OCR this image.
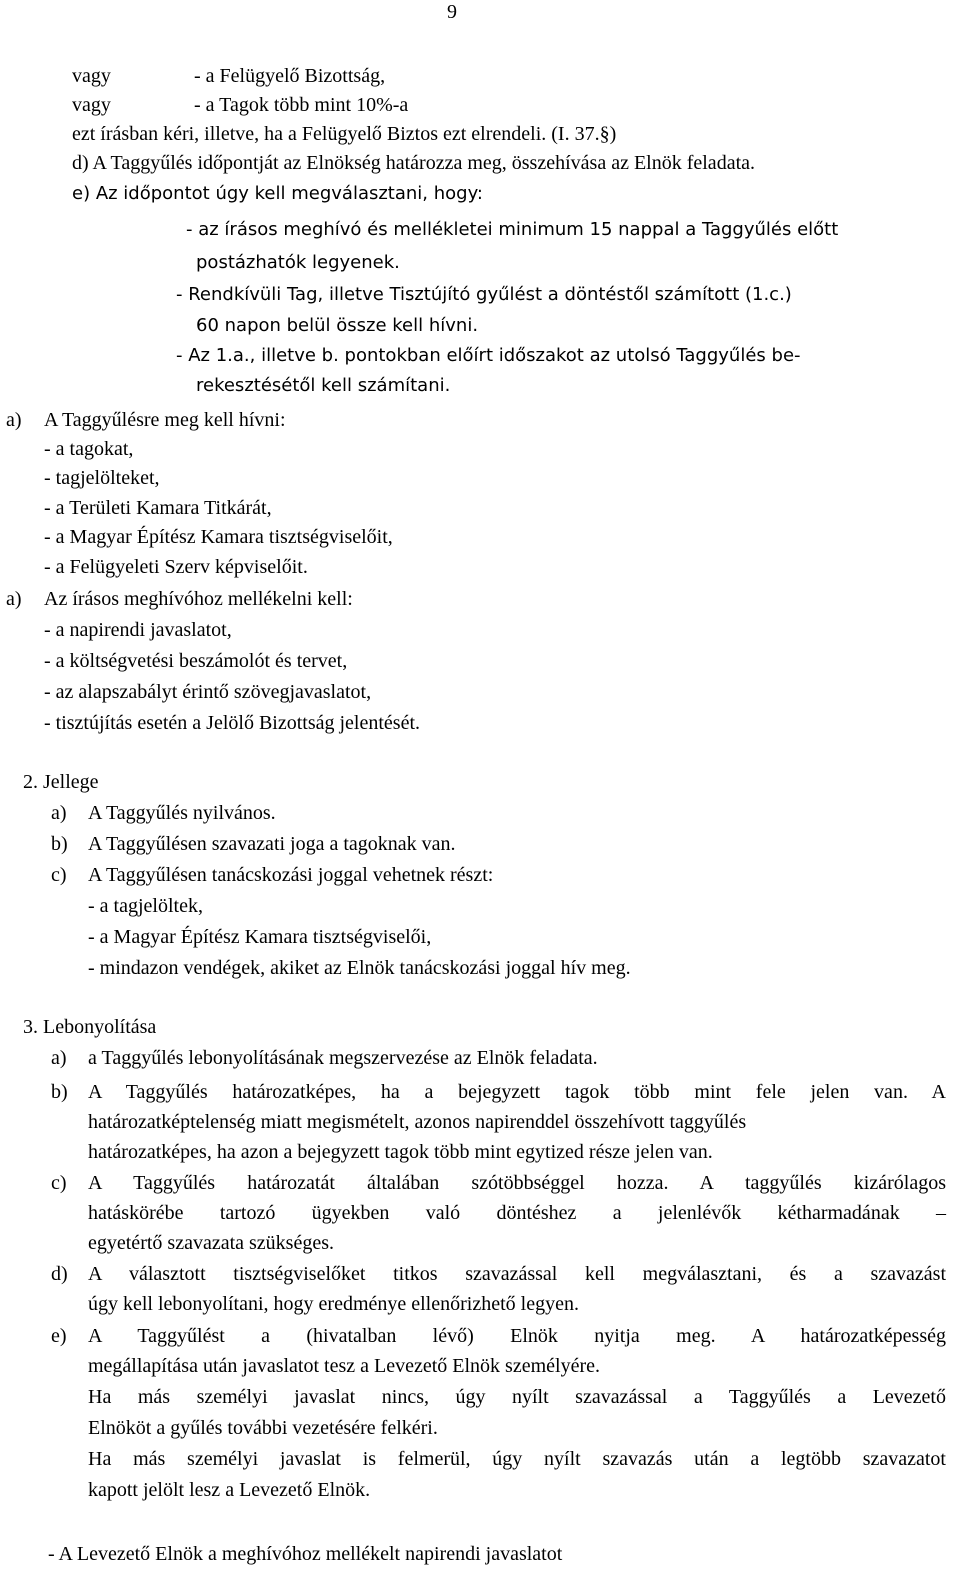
9
vagy	- a Felügyelő Bizottság,
vagy	- a Tagok több mint 10%-a
ezt írásban kéri, illetve, ha a Felügyelő Biztos ezt elrendeli. (I. 37.§)
d) A Taggyűlés időpontját az Elnökség határozza meg, összehívása az Elnök feladata.
e) Az időpontot úgy kell megválasztani, hogy:
- az írásos meghívó és mellékletei minimum 15 nappal a Taggyűlés előtt
postázhatók legyenek.
- Rendkívüli Tag, illetve Tisztújító gyűlést a döntéstől számított (1.c.)
60 napon belül össze kell hívni.
- Az 1.a., illetve b. pontokban előírt időszakot az utolsó Taggyűlés be-
rekesztésétől kell számítani.
a) A Taggyűlésre meg kell hívni:
- a tagokat,
- tagjelölteket,
- a Területi Kamara Titkárát,
- a Magyar Építész Kamara tisztségviselőit,
- a Felügyeleti Szerv képviselőit.
a) Az írásos meghívóhoz mellékelni kell:
- a napirendi javaslatot,
- a költségvetési beszámolót és tervet,
- az alapszabályt érintő szövegjavaslatot,
- tisztújítás esetén a Jelölő Bizottság jelentését.
2. Jellege
a) A Taggyűlés nyilvános.
b) A Taggyűlésen szavazati joga a tagoknak van.
c) A Taggyűlésen tanácskozási joggal vehetnek részt:
- a tagjelöltek,
- a Magyar Építész Kamara tisztségviselői,
- mindazon vendégek, akiket az Elnök tanácskozási joggal hív meg.
3. Lebonyolítása
a) a Taggyűlés lebonyolításának megszervezése az Elnök feladata.
b) A Taggyűlés határozatképes, ha a bejegyzett tagok több mint fele jelen van. A
határozatképtelenség miatt megismételt, azonos napirenddel összehívott taggyűlés
határozatképes, ha azon a bejegyzett tagok több mint egytized része jelen van.
c) A Taggyűlés határozatát általában szótöbbséggel hozza. A taggyűlés kizárólagos
hatáskörébe tartozó ügyekben való döntéshez a jelenlévők kétharmadának –
egyetértő szavazata szükséges.
d) A választott tisztségviselőket titkos szavazással kell megválasztani, és a szavazást
úgy kell lebonyolítani, hogy eredménye ellenőrizhető legyen.
e) A Taggyűlést a (hivatalban lévő) Elnök nyitja meg. A határozatképesség
megállapítása után javaslatot tesz a Levezető Elnök személyére.
Ha más személyi javaslat nincs, úgy nyílt szavazással a Taggyűlés a Levezető
Elnököt a gyűlés további vezetésére felkéri.
Ha más személyi javaslat is felmerül, úgy nyílt szavazás után a legtöbb szavazatot
kapott jelölt lesz a Levezető Elnök.
- A Levezető Elnök a meghívóhoz mellékelt napirendi javaslatot
